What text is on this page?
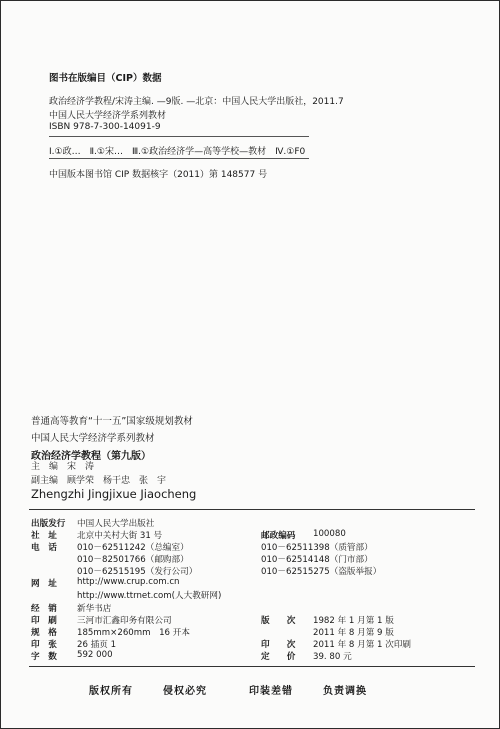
图书在版编目（CIP）数据
政治经济学教程/宋涛主编. —9版. —北京：中国人民大学出版社，2011.7
中国人民大学经济学系列教材
ISBN 978-7-300-14091-9
Ⅰ.①政…　Ⅱ.①宋…　Ⅲ.①政治经济学—高等学校—教材　Ⅳ.①F0
中国版本图书馆 CIP 数据核字（2011）第 148577 号
普通高等教育“十一五”国家级规划教材
中国人民大学经济学系列教材
政治经济学教程（第九版）
主　编　宋　涛
副主编　顾学荣　杨干忠　张　宇
Zhengzhi Jingjixue Jiaocheng
出版发行 中国人民大学出版社
社　址 北京中关村大街 31 号	邮政编码 100080
电　话 010－62511242（总编室）	010－62511398（质管部）
010－82501766（邮购部）	010－62514148（门市部）
010－62515195（发行公司）	010－62515275（盗版举报）
网　址 http://www.crup.com.cn
http://www.ttrnet.com(人大教研网)
经　销 新华书店
印　刷 三河市汇鑫印务有限公司	版　　次 1982 年 1 月第 1 版
规　格 185mm×260mm　16 开本	2011 年 8 月第 9 版
印　张 26 插页 1	印　　次 2011 年 8 月第 1 次印刷
字　数 592 000	定　　价 39. 80 元
版权所有	侵权必究	印装差错	负责调换
